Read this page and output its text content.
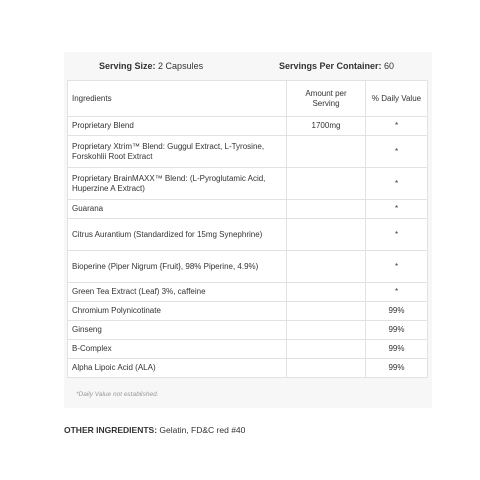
Serving Size: 2 Capsules	Servings Per Container: 60
Ingredients	Amount per Serving	% Daily Value
Proprietary Blend	1700mg	*
Proprietary Xtrim™ Blend: Guggul Extract, L-Tyrosine, Forskohlii Root Extract		*
Proprietary BrainMAXX™ Blend: (L-Pyroglutamic Acid, Huperzine A Extract)		*
Guarana		*
Citrus Aurantium (Standardized for 15mg Synephrine)		*
Bioperine (Piper Nigrum {Fruit}, 98% Piperine, 4.9%)		*
Green Tea Extract (Leaf) 3%, caffeine		*
Chromium Polynicotinate		99%
Ginseng		99%
B-Complex		99%
Alpha Lipoic Acid (ALA)		99%
*Daily Value not established.
OTHER INGREDIENTS: Gelatin, FD&C red #40
